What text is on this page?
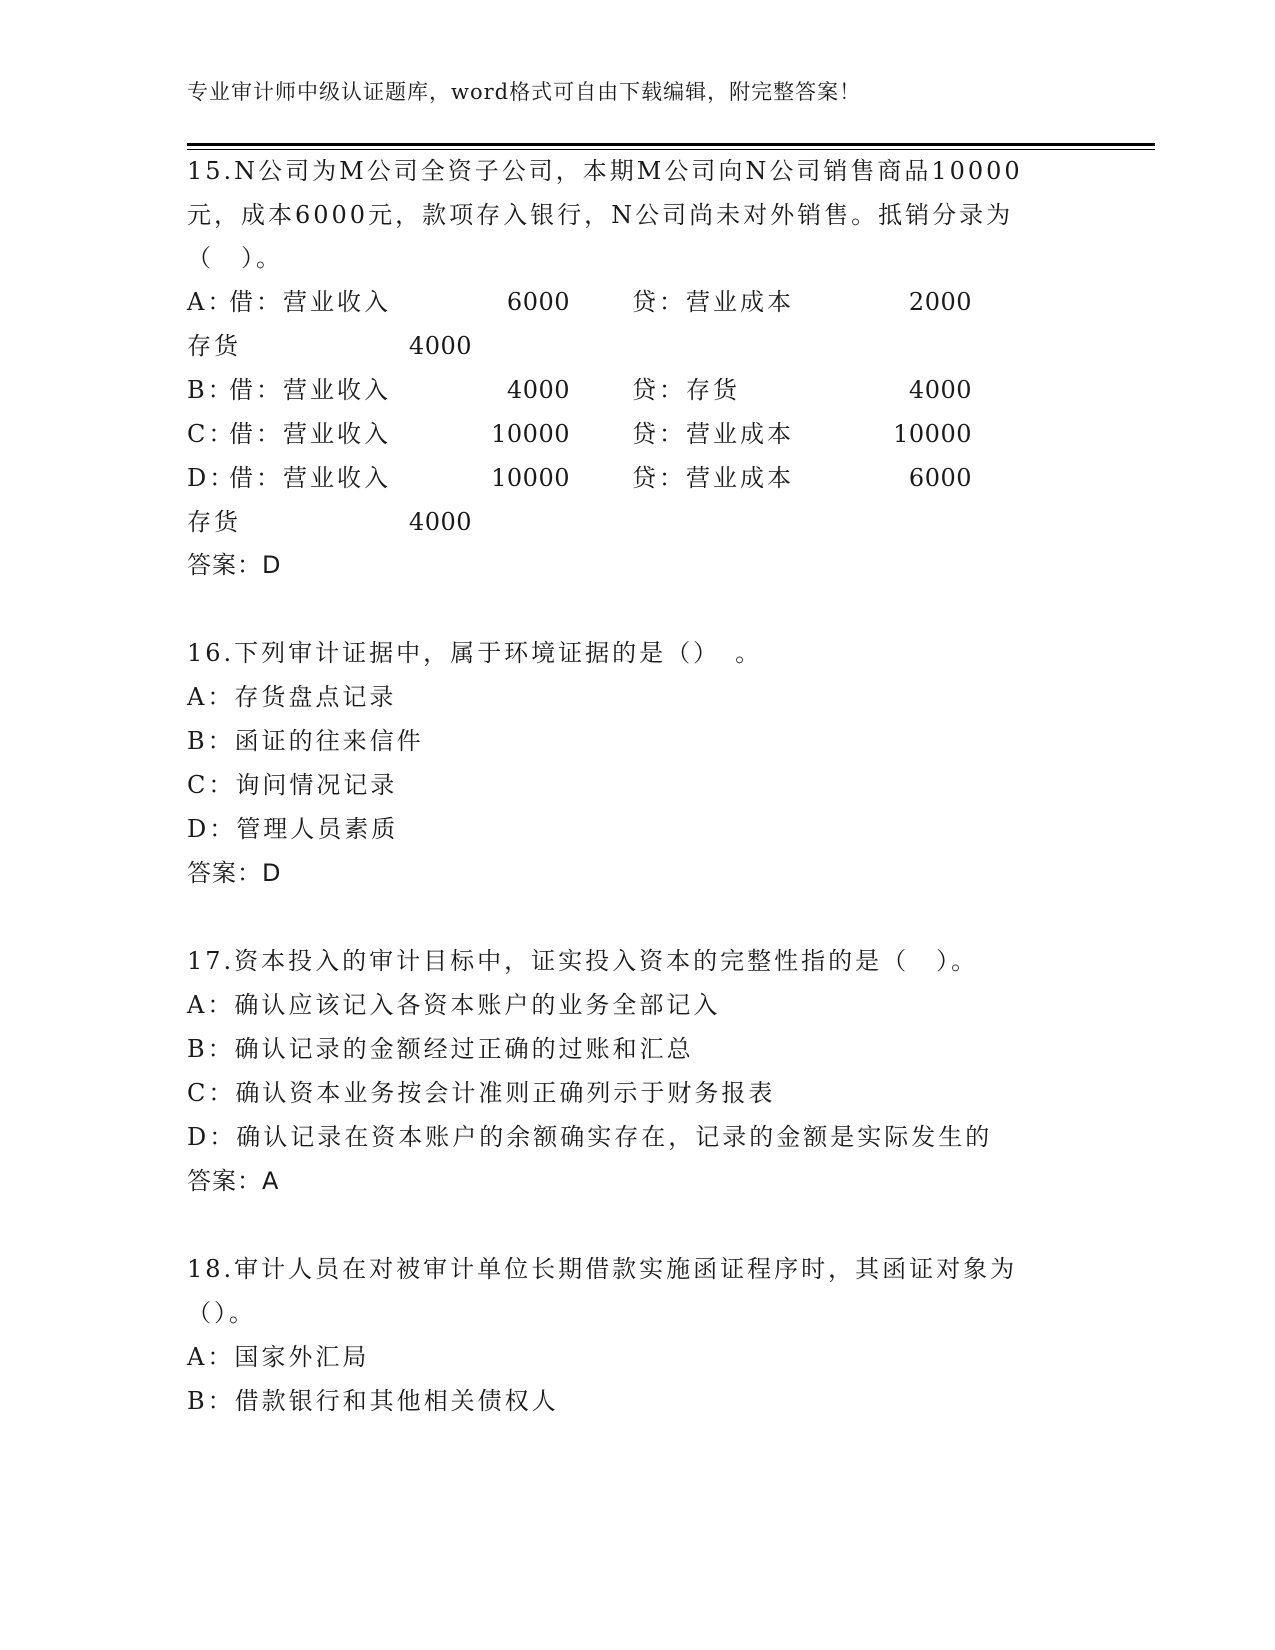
专业审计师中级认证题库，word格式可自由下载编辑，附完整答案！
15.N公司为M公司全资子公司，本期M公司向N公司销售商品10000
元，成本6000元，款项存入银行，N公司尚未对外销售。抵销分录为
（　）。
A：
借：营业收入	6000	贷：营业成本	2000
存货	4000
B：
借：营业收入	4000	贷：存货	4000
C：
借：营业收入	10000	贷：营业成本	10000
D：
借：营业收入	10000	贷：营业成本	6000
存货	4000
答案：D
16.下列审计证据中，属于环境证据的是（）　。
A：存货盘点记录
B：函证的往来信件
C：询问情况记录
D：管理人员素质
答案：D
17.资本投入的审计目标中，证实投入资本的完整性指的是（　）。
A：确认应该记入各资本账户的业务全部记入
B：确认记录的金额经过正确的过账和汇总
C：确认资本业务按会计准则正确列示于财务报表
D：确认记录在资本账户的余额确实存在，记录的金额是实际发生的
答案：A
18.审计人员在对被审计单位长期借款实施函证程序时，其函证对象为
（）。
A：国家外汇局
B：借款银行和其他相关债权人
